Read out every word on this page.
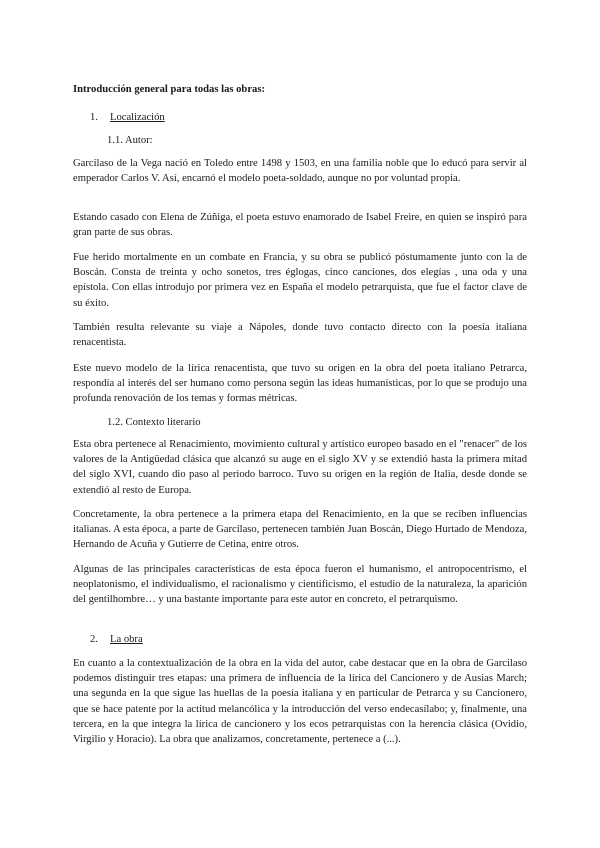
Introducción general para todas las obras:
1. Localización
1.1. Autor:

Garcilaso de la Vega nació en Toledo entre 1498 y 1503, en una familia noble que lo educó para servir al emperador Carlos V. Así, encarnó el modelo poeta-soldado, aunque no por voluntad propia.

Estando casado con Elena de Zúñiga, el poeta estuvo enamorado de Isabel Freire, en quien se inspiró para gran parte de sus obras.

Fue herido mortalmente en un combate en Francia, y su obra se publicó póstumamente junto con la de Boscán. Consta de treinta y ocho sonetos, tres églogas, cinco canciones, dos elegías , una oda y una epístola. Con ellas introdujo por primera vez en España el modelo petrarquista, que fue el factor clave de su éxito.

También resulta relevante su viaje a Nápoles, donde tuvo contacto directo con la poesía italiana renacentista.

Este nuevo modelo de la lírica renacentista, que tuvo su origen en la obra del poeta italiano Petrarca, respondía al interés del ser humano como persona según las ideas humanísticas, por lo que se produjo una profunda renovación de los temas y formas métricas.

1.2. Contexto literario

Esta obra pertenece al Renacimiento, movimiento cultural y artístico europeo basado en el "renacer" de los valores de la Antigüedad clásica que alcanzó su auge en el siglo XV y se extendió hasta la primera mitad del siglo XVI, cuando dio paso al periodo barroco. Tuvo su origen en la región de Italia, desde donde se extendió al resto de Europa.

Concretamente, la obra pertenece a la primera etapa del Renacimiento, en la que se reciben influencias italianas. A esta época, a parte de Garcilaso, pertenecen también Juan Boscán, Diego Hurtado de Mendoza, Hernando de Acuña y Gutierre de Cetina, entre otros.

Algunas de las principales características de esta época fueron el humanismo, el antropocentrismo, el neoplatonismo, el individualismo, el racionalismo y cientificismo, el estudio de la naturaleza, la aparición del gentilhombre… y una bastante importante para este autor en concreto, el petrarquismo.

2. La obra

En cuanto a la contextualización de la obra en la vida del autor, cabe destacar que en la obra de Garcilaso podemos distinguir tres etapas: una primera de influencia de la lírica del Cancionero y de Ausias March; una segunda en la que sigue las huellas de la poesía italiana y en particular de Petrarca y su Cancionero, que se hace patente por la actitud melancólica y la introducción del verso endecasílabo; y, finalmente, una tercera, en la que integra la lírica de cancionero y los ecos petrarquistas con la herencia clásica (Ovidio, Virgilio y Horacio). La obra que analizamos, concretamente, pertenece a (...).
